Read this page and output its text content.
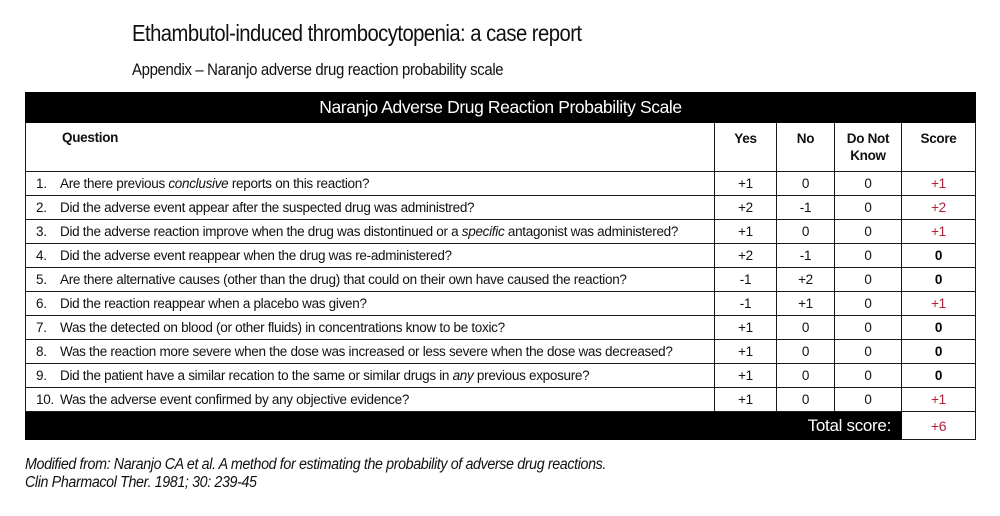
Ethambutol-induced thrombocytopenia: a case report
Appendix – Naranjo adverse drug reaction probability scale
Naranjo Adverse Drug Reaction Probability Scale				
Question	Yes	No	Do Not
Know	Score
1. Are there previous conclusive reports on this reaction?	+1	0	0	+1
2. Did the adverse event appear after the suspected drug was administred?	+2	-1	0	+2
3. Did the adverse reaction improve when the drug was distontinued or a specific antagonist was administered?	+1	0	0	+1
4. Did the adverse event reappear when the drug was re-administered?	+2	-1	0	0
5. Are there alternative causes (other than the drug) that could on their own have caused the reaction?	-1	+2	0	0
6. Did the reaction reappear when a placebo was given?	-1	+1	0	+1
7. Was the detected on blood (or other fluids) in concentrations know to be toxic?	+1	0	0	0
8. Was the reaction more severe when the dose was increased or less severe when the dose was decreased?	+1	0	0	0
9. Did the patient have a similar recation to the same or similar drugs in any previous exposure?	+1	0	0	0
10. Was the adverse event confirmed by any objective evidence?	+1	0	0	+1
Total score:				+6
Modified from: Naranjo CA et al. A method for estimating the probability of adverse drug reactions.
Clin Pharmacol Ther. 1981; 30: 239-45
